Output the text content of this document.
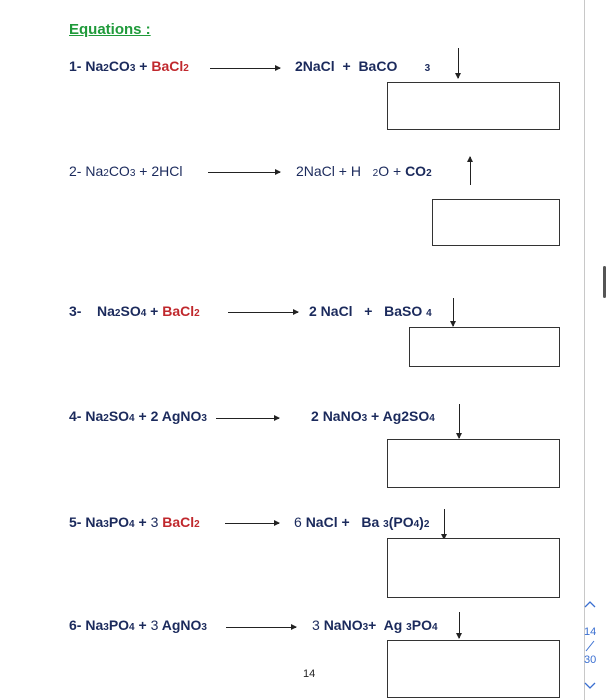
Equations :
1- Na2CO3 + BaCl2	2NaCl + BaCO	3
2- Na2CO3 + 2HCl	2NaCl + H 2O + CO2
3- Na2SO4 + BaCl2	2 NaCl + BaSO 4
4- Na2SO4 + 2 AgNO3 → 2 NaNO3 + Ag2SO4
5- Na3PO4 + 3 BaCl2 → 6 NaCl + Ba 3(PO4)2
6- Na3PO4 + 3 AgNO3	3 NaNO3+ Ag 3PO4
14
14
30
